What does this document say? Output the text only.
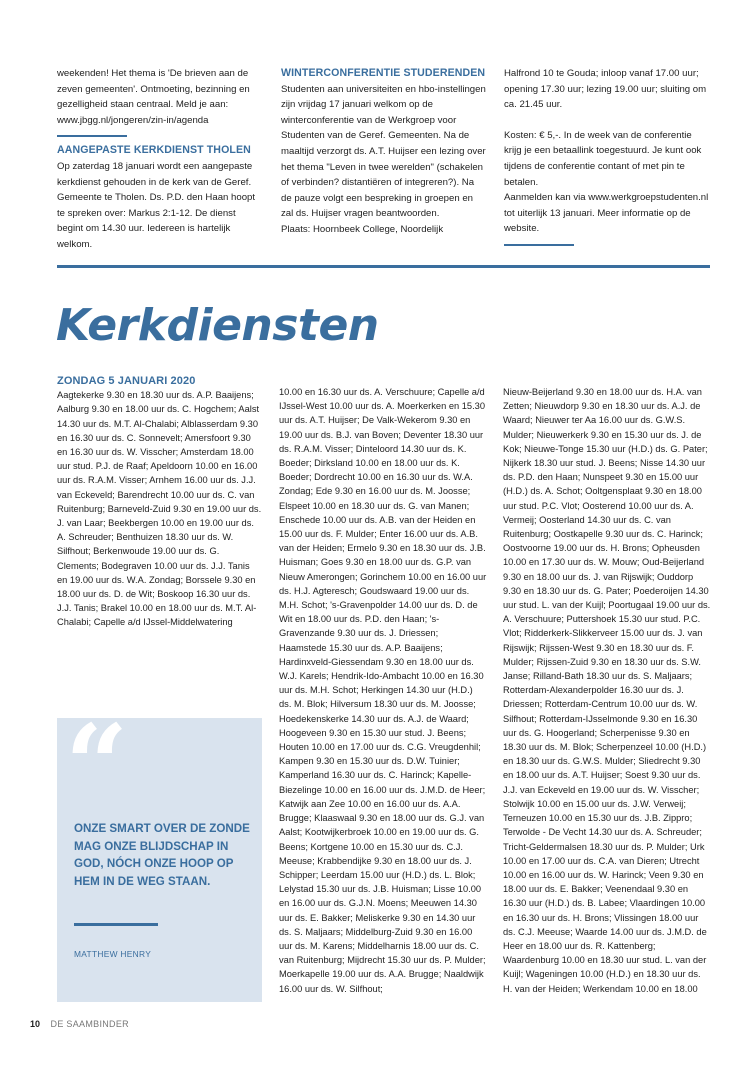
weekenden! Het thema is 'De brieven aan de zeven gemeenten'. Ontmoeting, bezinning en gezelligheid staan centraal. Meld je aan: www.jbgg.nl/jongeren/zin-in/agenda

AANGEPASTE KERKDIENST THOLEN

Op zaterdag 18 januari wordt een aangepaste kerkdienst gehouden in de kerk van de Geref. Gemeente te Tholen. Ds. P.D. den Haan hoopt te spreken over: Markus 2:1-12. De dienst begint om 14.30 uur. Iedereen is hartelijk welkom.

WINTERCONFERENTIE STUDERENDEN

Studenten aan universiteiten en hbo-instellingen zijn vrijdag 17 januari welkom op de winterconferentie van de Werkgroep voor Studenten van de Geref. Gemeenten. Na de maaltijd verzorgt ds. A.T. Huijser een lezing over het thema "Leven in twee werelden" (schakelen of verbinden? distantiëren of integreren?). Na de pauze volgt een bespreking in groepen en zal ds. Huijser vragen beantwoorden.

Plaats: Hoornbeek College, Noordelijk

Halfrond 10 te Gouda; inloop vanaf 17.00 uur; opening 17.30 uur; lezing 19.00 uur; sluiting om ca. 21.45 uur.

Kosten: € 5,-. In de week van de conferentie krijg je een betaallink toegestuurd. Je kunt ook tijdens de conferentie contant of met pin te betalen.

Aanmelden kan via www.werkgroepstudenten.nl tot uiterlijk 13 januari. Meer informatie op de website.

Kerkdiensten

ZONDAG 5 JANUARI 2020

Aagtekerke 9.30 en 18.30 uur ds. A.P. Baaijens; Aalburg 9.30 en 18.00 uur ds. C. Hogchem; Aalst 14.30 uur ds. M.T. Al-Chalabi; Alblasserdam 9.30 en 16.30 uur ds. C. Sonnevelt; Amersfoort 9.30 en 16.30 uur ds. W. Visscher; Amsterdam 18.00 uur stud. P.J. de Raaf; Apeldoorn 10.00 en 16.00 uur ds. R.A.M. Visser; Arnhem 16.00 uur ds. J.J. van Eckeveld; Barendrecht 10.00 uur ds. C. van Ruitenburg; Barneveld-Zuid 9.30 en 19.00 uur ds. J. van Laar; Beekbergen 10.00 en 19.00 uur ds. A. Schreuder; Benthuizen 18.30 uur ds. W. Silfhout; Berkenwoude 19.00 uur ds. G. Clements; Bodegraven 10.00 uur ds. J.J. Tanis en 19.00 uur ds. W.A. Zondag; Borssele 9.30 en 18.00 uur ds. D. de Wit; Boskoop 16.30 uur ds. J.J. Tanis; Brakel 10.00 en 18.00 uur ds. M.T. Al-Chalabi; Capelle a/d IJssel-Middelwatering

10.00 en 16.30 uur ds. A. Verschuure; Capelle a/d IJssel-West 10.00 uur ds. A. Moerkerken en 15.30 uur ds. A.T. Huijser; De Valk-Wekerom 9.30 en 19.00 uur ds. B.J. van Boven; Deventer 18.30 uur ds. R.A.M. Visser; Dinteloord 14.30 uur ds. K. Boeder; Dirksland 10.00 en 18.00 uur ds. K. Boeder; Dordrecht 10.00 en 16.30 uur ds. W.A. Zondag; Ede 9.30 en 16.00 uur ds. M. Joosse; Elspeet 10.00 en 18.30 uur ds. G. van Manen; Enschede 10.00 uur ds. A.B. van der Heiden en 15.00 uur ds. F. Mulder; Enter 16.00 uur ds. A.B. van der Heiden; Ermelo 9.30 en 18.30 uur ds. J.B. Huisman; Goes 9.30 en 18.00 uur ds. G.P. van Nieuw Amerongen; Gorinchem 10.00 en 16.00 uur ds. H.J. Agteresch; Goudswaard 19.00 uur ds. M.H. Schot; 's-Gravenpolder 14.00 uur ds. D. de Wit en 18.00 uur ds. P.D. den Haan; 's-Gravenzande 9.30 uur ds. J. Driessen; Haamstede 15.30 uur ds. A.P. Baaijens; Hardinxveld-Giessendam 9.30 en 18.00 uur ds. W.J. Karels; Hendrik-Ido-Ambacht 10.00 en 16.30 uur ds. M.H. Schot; Herkingen 14.30 uur (H.D.) ds. M. Blok; Hilversum 18.30 uur ds. M. Joosse; Hoedekenskerke 14.30 uur ds. A.J. de Waard; Hoogeveen 9.30 en 15.30 uur stud. J. Beens; Houten 10.00 en 17.00 uur ds. C.G. Vreugdenhil; Kampen 9.30 en 15.30 uur ds. D.W. Tuinier; Kamperland 16.30 uur ds. C. Harinck; Kapelle-Biezelinge 10.00 en 16.00 uur ds. J.M.D. de Heer; Katwijk aan Zee 10.00 en 16.00 uur ds. A.A. Brugge; Klaaswaal 9.30 en 18.00 uur ds. G.J. van Aalst; Kootwijkerbroek 10.00 en 19.00 uur ds. G. Beens; Kortgene 10.00 en 15.30 uur ds. C.J. Meeuse; Krabbendijke 9.30 en 18.00 uur ds. J. Schipper; Leerdam 15.00 uur (H.D.) ds. L. Blok; Lelystad 15.30 uur ds. J.B. Huisman; Lisse 10.00 en 16.00 uur ds. G.J.N. Moens; Meeuwen 14.30 uur ds. E. Bakker; Meliskerke 9.30 en 14.30 uur ds. S. Maljaars; Middelburg-Zuid 9.30 en 16.00 uur ds. M. Karens; Middelharnis 18.00 uur ds. C. van Ruitenburg; Mijdrecht 15.30 uur ds. P. Mulder; Moerkapelle 19.00 uur ds. A.A. Brugge; Naaldwijk 16.00 uur ds. W. Silfhout;

Nieuw-Beijerland 9.30 en 18.00 uur ds. H.A. van Zetten; Nieuwdorp 9.30 en 18.30 uur ds. A.J. de Waard; Nieuwer ter Aa 16.00 uur ds. G.W.S. Mulder; Nieuwerkerk 9.30 en 15.30 uur ds. J. de Kok; Nieuwe-Tonge 15.30 uur (H.D.) ds. G. Pater; Nijkerk 18.30 uur stud. J. Beens; Nisse 14.30 uur ds. P.D. den Haan; Nunspeet 9.30 en 15.00 uur (H.D.) ds. A. Schot; Ooltgensplaat 9.30 en 18.00 uur stud. P.C. Vlot; Oosterend 10.00 uur ds. A. Vermeij; Oosterland 14.30 uur ds. C. van Ruitenburg; Oostkapelle 9.30 uur ds. C. Harinck; Oostvoorne 19.00 uur ds. H. Brons; Opheusden 10.00 en 17.30 uur ds. W. Mouw; Oud-Beijerland 9.30 en 18.00 uur ds. J. van Rijswijk; Ouddorp 9.30 en 18.30 uur ds. G. Pater; Poederoijen 14.30 uur stud. L. van der Kuijl; Poortugaal 19.00 uur ds. A. Verschuure; Puttershoek 15.30 uur stud. P.C. Vlot; Ridderkerk-Slikkerveer 15.00 uur ds. J. van Rijswijk; Rijssen-West 9.30 en 18.30 uur ds. F. Mulder; Rijssen-Zuid 9.30 en 18.30 uur ds. S.W. Janse; Rilland-Bath 18.30 uur ds. S. Maljaars; Rotterdam-Alexanderpolder 16.30 uur ds. J. Driessen; Rotterdam-Centrum 10.00 uur ds. W. Silfhout; Rotterdam-IJsselmonde 9.30 en 16.30 uur ds. G. Hoogerland; Scherpenisse 9.30 en 18.30 uur ds. M. Blok; Scherpenzeel 10.00 (H.D.) en 18.30 uur ds. G.W.S. Mulder; Sliedrecht 9.30 en 18.00 uur ds. A.T. Huijser; Soest 9.30 uur ds. J.J. van Eckeveld en 19.00 uur ds. W. Visscher; Stolwijk 10.00 en 15.00 uur ds. J.W. Verweij; Terneuzen 10.00 en 15.30 uur ds. J.B. Zippro; Terwolde - De Vecht 14.30 uur ds. A. Schreuder; Tricht-Geldermalsen 18.30 uur ds. P. Mulder; Urk 10.00 en 17.00 uur ds. C.A. van Dieren; Utrecht 10.00 en 16.00 uur ds. W. Harinck; Veen 9.30 en 18.00 uur ds. E. Bakker; Veenendaal 9.30 en 16.30 uur (H.D.) ds. B. Labee; Vlaardingen 10.00 en 16.30 uur ds. H. Brons; Vlissingen 18.00 uur ds. C.J. Meeuse; Waarde 14.00 uur ds. J.M.D. de Heer en 18.00 uur ds. R. Kattenberg; Waardenburg 10.00 en 18.30 uur stud. L. van der Kuijl; Wageningen 10.00 (H.D.) en 18.30 uur ds. H. van der Heiden; Werkendam 10.00 en 18.00

“
ONZE SMART OVER DE ZONDE MAG ONZE BLIJDSCHAP IN GOD, NÓCH ONZE HOOP OP HEM IN DE WEG STAAN.
MATTHEW HENRY
10 DE SAAMBINDER
